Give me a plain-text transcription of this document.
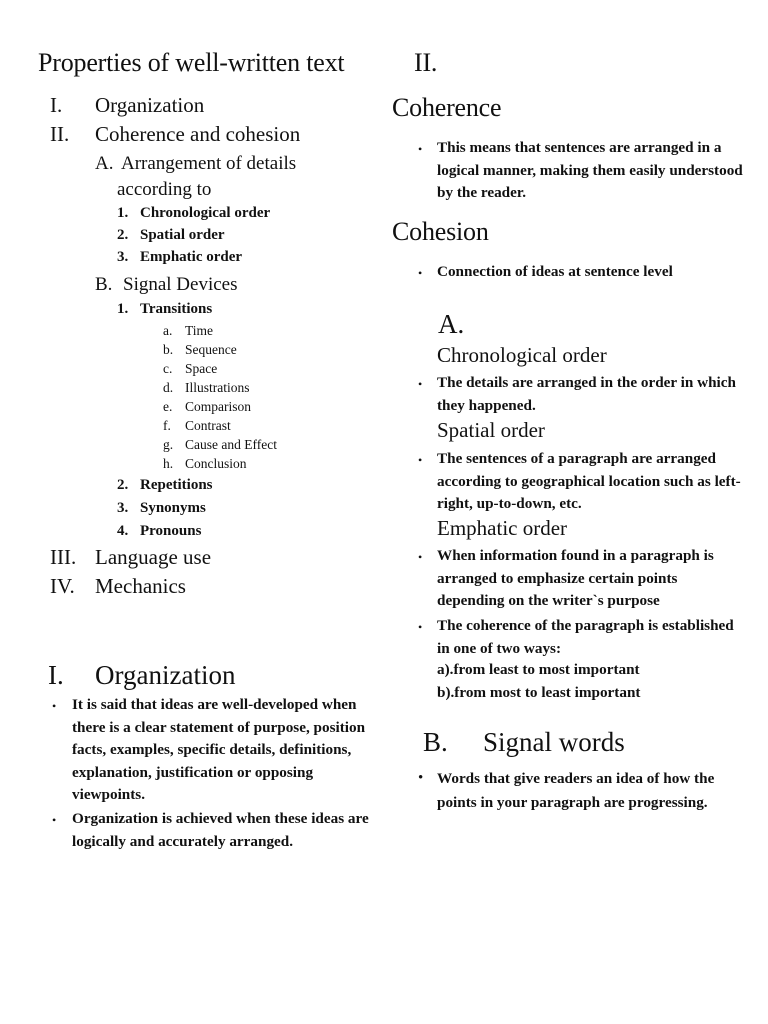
Properties of well-written text
I. Organization
II. Coherence and cohesion
A. Arrangement of details
according to
1. Chronological order
2. Spatial order
3. Emphatic order
B. Signal Devices
1. Transitions
a. Time
b. Sequence
c. Space
d. Illustrations
e. Comparison
f. Contrast
g. Cause and Effect
h. Conclusion
2. Repetitions
3. Synonyms
4. Pronouns
III. Language use
IV. Mechanics
I. Organization
• It is said that ideas are well-developed when there is a clear statement of purpose, position facts, examples, specific details, definitions, explanation, justification or opposing viewpoints.
• Organization is achieved when these ideas are logically and accurately arranged.
II.
Coherence
• This means that sentences are arranged in a logical manner, making them easily understood by the reader.
Cohesion
• Connection of ideas at sentence level
A.
Chronological order
• The details are arranged in the order in which they happened.
Spatial order
• The sentences of a paragraph are arranged according to geographical location such as left-right, up-to-down, etc.
Emphatic order
• When information found in a paragraph is arranged to emphasize certain points depending on the writer`s purpose
• The coherence of the paragraph is established in one of two ways:
a).from least to most important
b).from most to least important
B. Signal words
• Words that give readers an idea of how the points in your paragraph are progressing.
